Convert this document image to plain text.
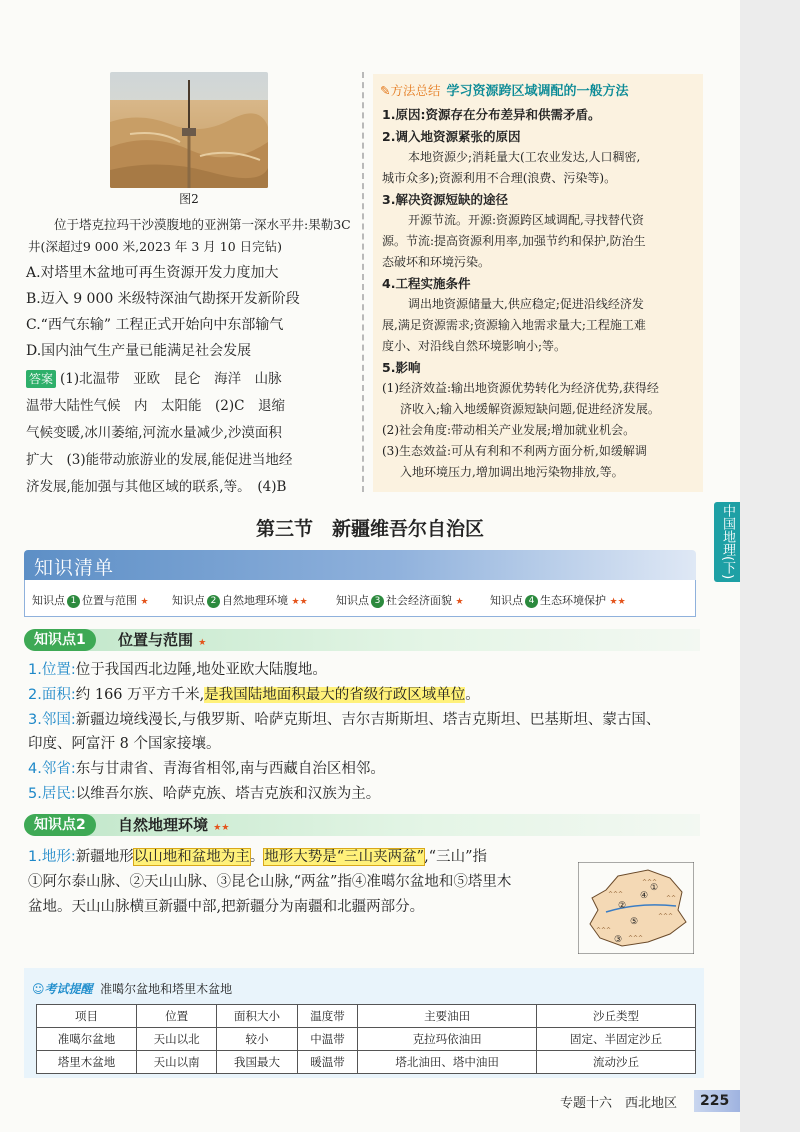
图2
位于塔克拉玛干沙漠腹地的亚洲第一深水平井:果勒3C井(深超过9 000 米,2023 年 3 月 10 日完钻)
A.对塔里木盆地可再生资源开发力度加大
B.迈入 9 000 米级特深油气勘探开发新阶段
C.“西气东输” 工程正式开始向中东部输气
D.国内油气生产量已能满足社会发展
答案 (1)北温带　亚欧　昆仑　海洋　山脉
温带大陆性气候　内　太阳能　(2)C　退缩
气候变暖,冰川萎缩,河流水量减少,沙漠面积
扩大　(3)能带动旅游业的发展,能促进当地经
济发展,能加强与其他区域的联系,等。　(4)B
✎方法总结 学习资源跨区域调配的一般方法
1.原因:资源存在分布差异和供需矛盾。
2.调入地资源紧张的原因
本地资源少;消耗量大(工农业发达,人口稠密,
城市众多);资源利用不合理(浪费、污染等)。
3.解决资源短缺的途径
开源节流。开源:资源跨区域调配,寻找替代资
源。节流:提高资源利用率,加强节约和保护,防治生
态破坏和环境污染。
4.工程实施条件
调出地资源储量大,供应稳定;促进沿线经济发
展,满足资源需求;资源输入地需求量大;工程施工难
度小、对沿线自然环境影响小;等。
5.影响
(1)经济效益:输出地资源优势转化为经济优势,获得经
济收入;输入地缓解资源短缺问题,促进经济发展。
(2)社会角度:带动相关产业发展;增加就业机会。
(3)生态效益:可从有利和不利两方面分析,如缓解调
入地环境压力,增加调出地污染物排放,等。
中国地理(下)
第三节　新疆维吾尔自治区
知识清单
知识点 1 位置与范围 ★ 知识点 2 自然地理环境 ★★	知识点 3 社会经济面貌 ★ 知识点 4 生态环境保护 ★★
知识点1	位置与范围 ★
1.位置:位于我国西北边陲,地处亚欧大陆腹地。
2.面积:约 166 万平方千米,是我国陆地面积最大的省级行政区域单位。
3.邻国:新疆边境线漫长,与俄罗斯、哈萨克斯坦、吉尔吉斯斯坦、塔吉克斯坦、巴基斯坦、蒙古国、
印度、阿富汗 8 个国家接壤。
4.邻省:东与甘肃省、青海省相邻,南与西藏自治区相邻。
5.居民:以维吾尔族、哈萨克族、塔吉克族和汉族为主。
知识点2	自然地理环境 ★★
1.地形:新疆地形以山地和盆地为主。地形大势是“三山夹两盆”,“三山”指
①阿尔泰山脉、②天山山脉、③昆仑山脉,“两盆”指④准噶尔盆地和⑤塔里木
盆地。天山山脉横亘新疆中部,把新疆分为南疆和北疆两部分。
^^^
^^^
^^^
^^^
^^^
^^
①
④
②
⑤
③
☺考试提醒 准噶尔盆地和塔里木盆地
项目	位置	面积大小	温度带	主要油田	沙丘类型
准噶尔盆地	天山以北	较小	中温带	克拉玛依油田	固定、半固定沙丘
塔里木盆地	天山以南	我国最大	暖温带	塔北油田、塔中油田	流动沙丘
专题十六　西北地区	225
